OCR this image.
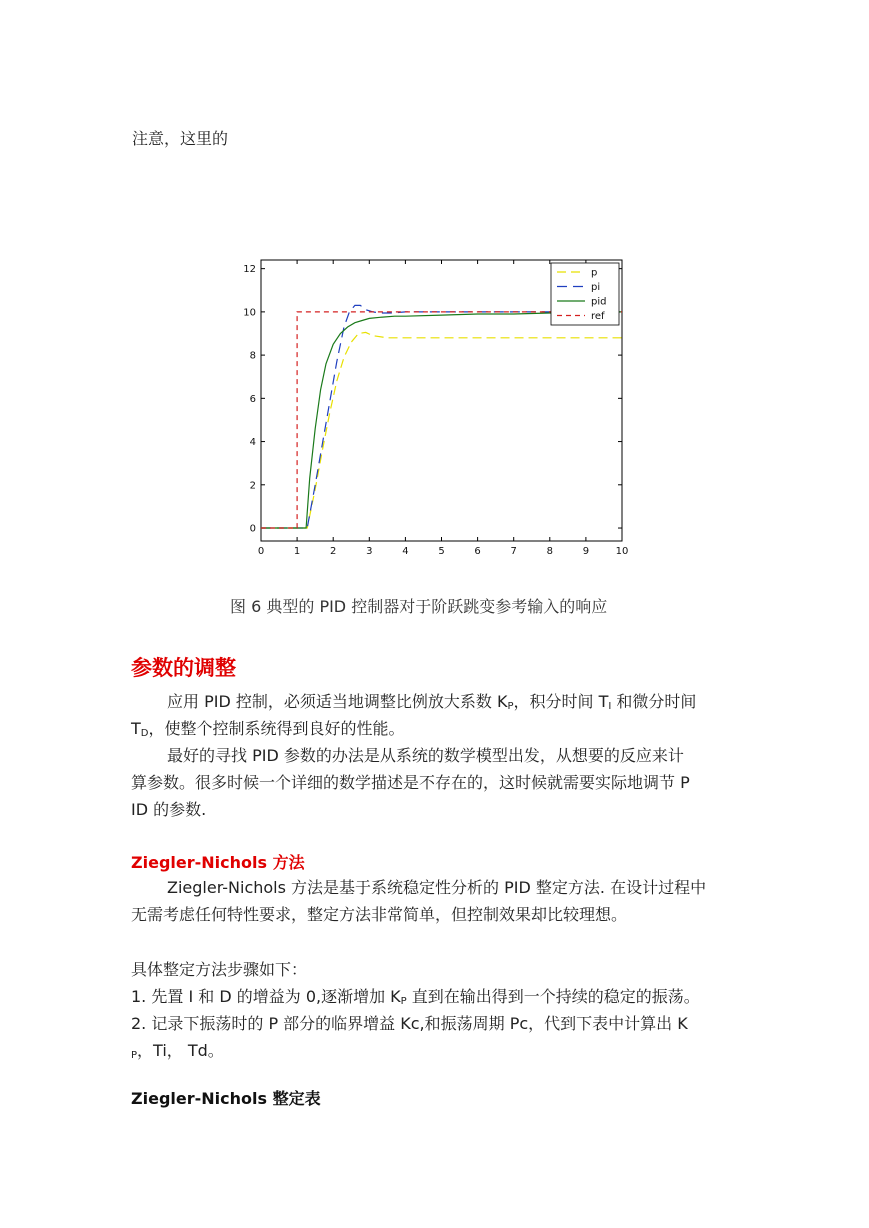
注意，这里的
0	1	2	3	4	5	6	7	8	9	10
0
2
4
6
8
10
12	p
pi
pid
ref
图 6 典型的 PID 控制器对于阶跃跳变参考输入的响应
参数的调整
应用 PID 控制，必须适当地调整比例放大系数 $K_P$，积分时间 $T_I$ 和微分时间
$T_D$，使整个控制系统得到良好的性能。
最好的寻找 PID 参数的办法是从系统的数学模型出发，从想要的反应来计
算参数。很多时候一个详细的数学描述是不存在的，这时候就需要实际地调节 P
ID 的参数.
Ziegler-Nichols 方法
Ziegler-Nichols 方法是基于系统稳定性分析的 PID 整定方法. 在设计过程中
无需考虑任何特性要求，整定方法非常简单，但控制效果却比较理想。
具体整定方法步骤如下：
1. 先置 I 和 D 的增益为 0,逐渐增加 $K_P$ 直到在输出得到一个持续的稳定的振荡。
2. 记录下振荡时的 P 部分的临界增益 Kc,和振荡周期 Pc，代到下表中计算出 K
$_P$，Ti， Td。
Ziegler-Nichols 整定表
